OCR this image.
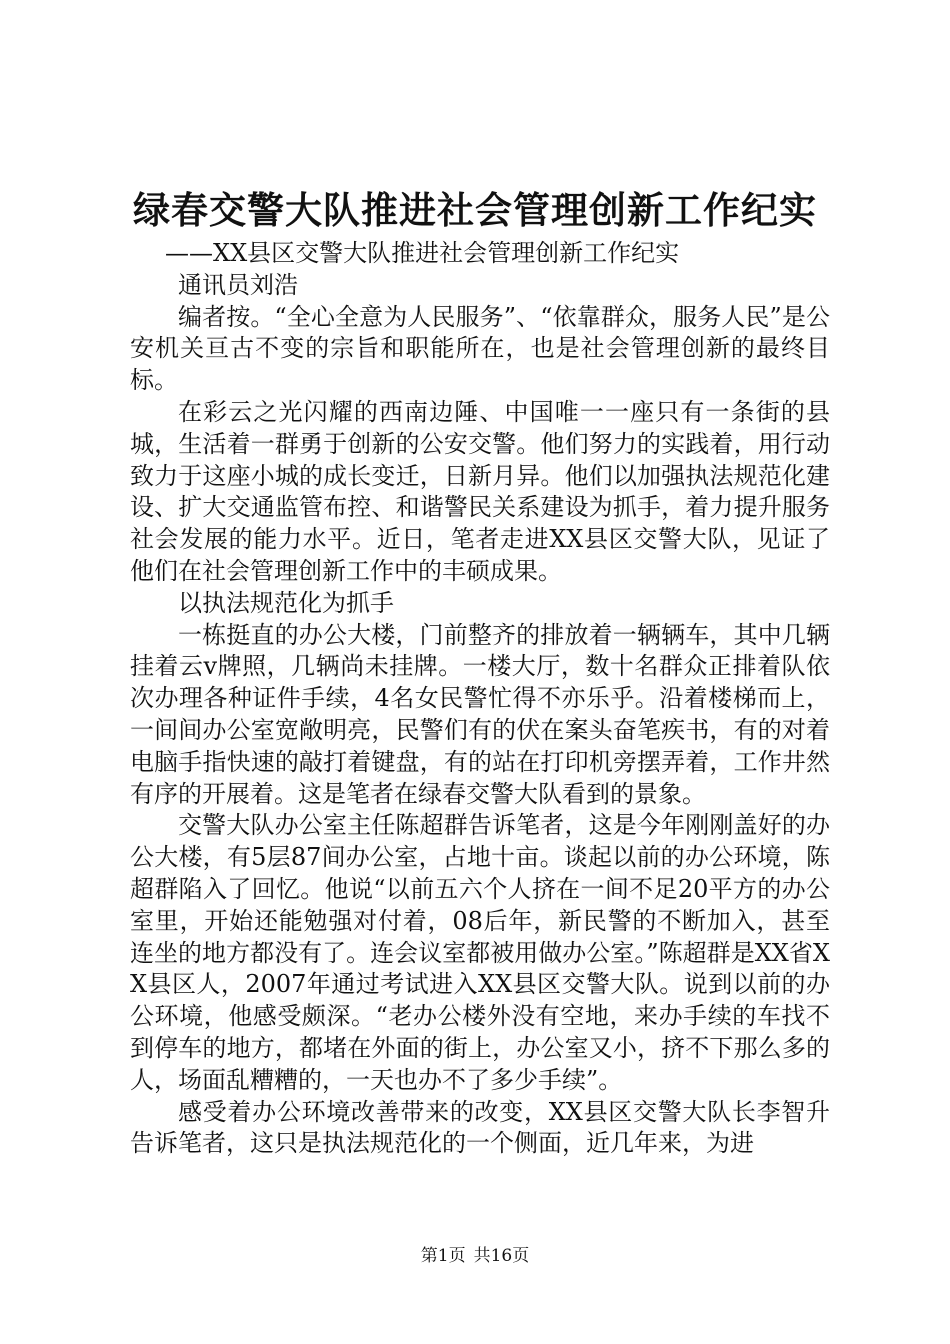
绿春交警大队推进社会管理创新工作纪实

——XX县区交警大队推进社会管理创新工作纪实

通讯员刘浩

编者按。“全心全意为人民服务”、“依靠群众，服务人民”是公安机关亘古不变的宗旨和职能所在，也是社会管理创新的最终目标。

在彩云之光闪耀的西南边陲、中国唯一一座只有一条街的县城，生活着一群勇于创新的公安交警。他们努力的实践着，用行动致力于这座小城的成长变迁，日新月异。他们以加强执法规范化建设、扩大交通监管布控、和谐警民关系建设为抓手，着力提升服务社会发展的能力水平。近日，笔者走进XX县区交警大队，见证了他们在社会管理创新工作中的丰硕成果。

以执法规范化为抓手

一栋挺直的办公大楼，门前整齐的排放着一辆辆车，其中几辆挂着云v牌照，几辆尚未挂牌。一楼大厅，数十名群众正排着队依次办理各种证件手续，4名女民警忙得不亦乐乎。沿着楼梯而上，一间间办公室宽敞明亮，民警们有的伏在案头奋笔疾书，有的对着电脑手指快速的敲打着键盘，有的站在打印机旁摆弄着，工作井然有序的开展着。这是笔者在绿春交警大队看到的景象。

交警大队办公室主任陈超群告诉笔者，这是今年刚刚盖好的办公大楼，有5层87间办公室，占地十亩。谈起以前的办公环境，陈超群陷入了回忆。他说“以前五六个人挤在一间不足20平方的办公室里，开始还能勉强对付着，08后年，新民警的不断加入，甚至连坐的地方都没有了。连会议室都被用做办公室。”陈超群是XX省XX县区人，2007年通过考试进入XX县区交警大队。说到以前的办公环境，他感受颇深。“老办公楼外没有空地，来办手续的车找不到停车的地方，都堵在外面的街上，办公室又小，挤不下那么多的人，场面乱糟糟的，一天也办不了多少手续”。

感受着办公环境改善带来的改变，XX县区交警大队长李智升告诉笔者，这只是执法规范化的一个侧面，近几年来，为进

第1页 共16页
